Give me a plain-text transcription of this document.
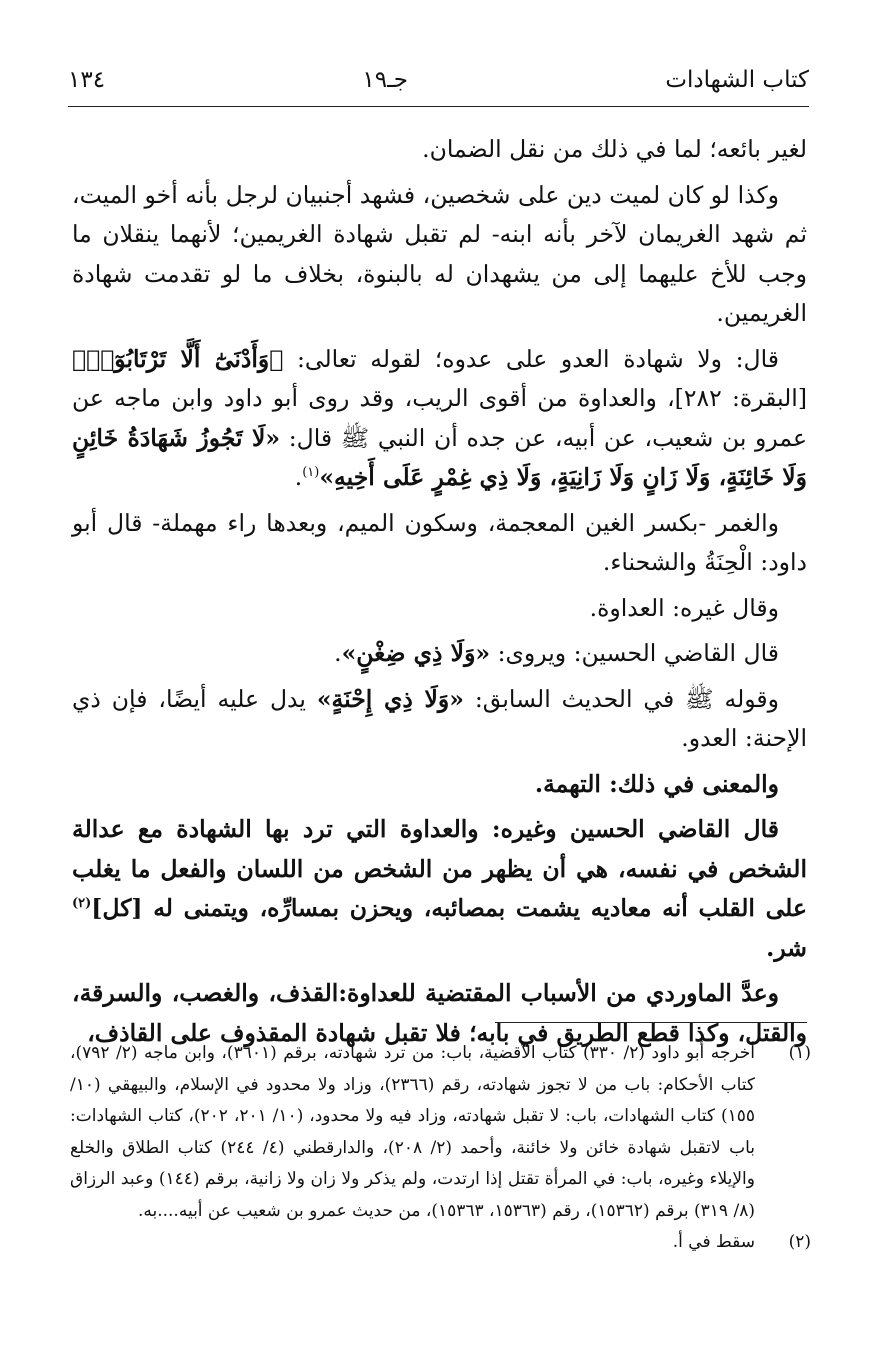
١٣٤	جـ١٩	كتاب الشهادات

لغير بائعه؛ لما في ذلك من نقل الضمان.

وكذا لو كان لميت دين على شخصين، فشهد أجنبيان لرجل بأنه أخو الميت، ثم شهد الغريمان لآخر بأنه ابنه- لم تقبل شهادة الغريمين؛ لأنهما ينقلان ما وجب للأخ عليهما إلى من يشهدان له بالبنوة، بخلاف ما لو تقدمت شهادة الغريمين.

قال: ولا شهادة العدو على عدوه؛ لقوله تعالى: ﴿وَأَدْنَىٰٓ أَلَّا تَرْتَابُوٓا۟﴾ [البقرة: ٢٨٢]، والعداوة من أقوى الريب، وقد روى أبو داود وابن ماجه عن عمرو بن شعيب، عن أبيه، عن جده أن النبي ﷺ قال: «لَا تَجُوزُ شَهَادَةُ خَائِنٍ وَلَا خَائِنَةٍ، وَلَا زَانٍ وَلَا زَانِيَةٍ، وَلَا ذِي غِمْرٍ عَلَى أَخِيهِ»$^{(١)}$.

والغمر -بكسر الغين المعجمة، وسكون الميم، وبعدها راء مهملة- قال أبو داود: الْحِنَةُ والشحناء.

وقال غيره: العداوة.

قال القاضي الحسين: ويروى: «وَلَا ذِي ضِغْنٍ».

وقوله ﷺ في الحديث السابق: «وَلَا ذِي إِحْنَةٍ» يدل عليه أيضًا، فإن ذي الإحنة: العدو.

والمعنى في ذلك: التهمة.

قال القاضي الحسين وغيره: والعداوة التي ترد بها الشهادة مع عدالة الشخص في نفسه، هي أن يظهر من الشخص من اللسان والفعل ما يغلب على القلب أنه معاديه يشمت بمصائبه، ويحزن بمسارِّه، ويتمنى له [كل]$^{(٢)}$ شر.

وعدَّ الماوردي من الأسباب المقتضية للعداوة:القذف، والغصب، والسرقة، والقتل، وكذا قطع الطريق في بابه؛ فلا تقبل شهادة المقذوف على القاذف،

(١)
أخرجه أبو داود (٢/ ٣٣٠) كتاب الأقضية، باب: من ترد شهادته، برقم (٣٦٠١)، وابن ماجه (٢/ ٧٩٢)، كتاب الأحكام: باب من لا تجوز شهادته، رقم (٢٣٦٦)، وزاد ولا محدود في الإسلام، والبيهقي (١٠/ ١٥٥) كتاب الشهادات، باب: لا تقبل شهادته، وزاد فيه ولا محدود، (١٠/ ٢٠١، ٢٠٢)، كتاب الشهادات: باب لاتقبل شهادة خائن ولا خائنة، وأحمد (٢/ ٢٠٨)، والدارقطني (٤/ ٢٤٤) كتاب الطلاق والخلع والإيلاء وغيره، باب: في المرأة تقتل إذا ارتدت، ولم يذكر ولا زان ولا زانية، برقم (١٤٤) وعبد الرزاق (٨/ ٣١٩) برقم (١٥٣٦٢)، رقم (١٥٣٦٣، ١٥٣٦٣)، من حديث عمرو بن شعيب عن أبيه....به.
(٢)
سقط في أ.
